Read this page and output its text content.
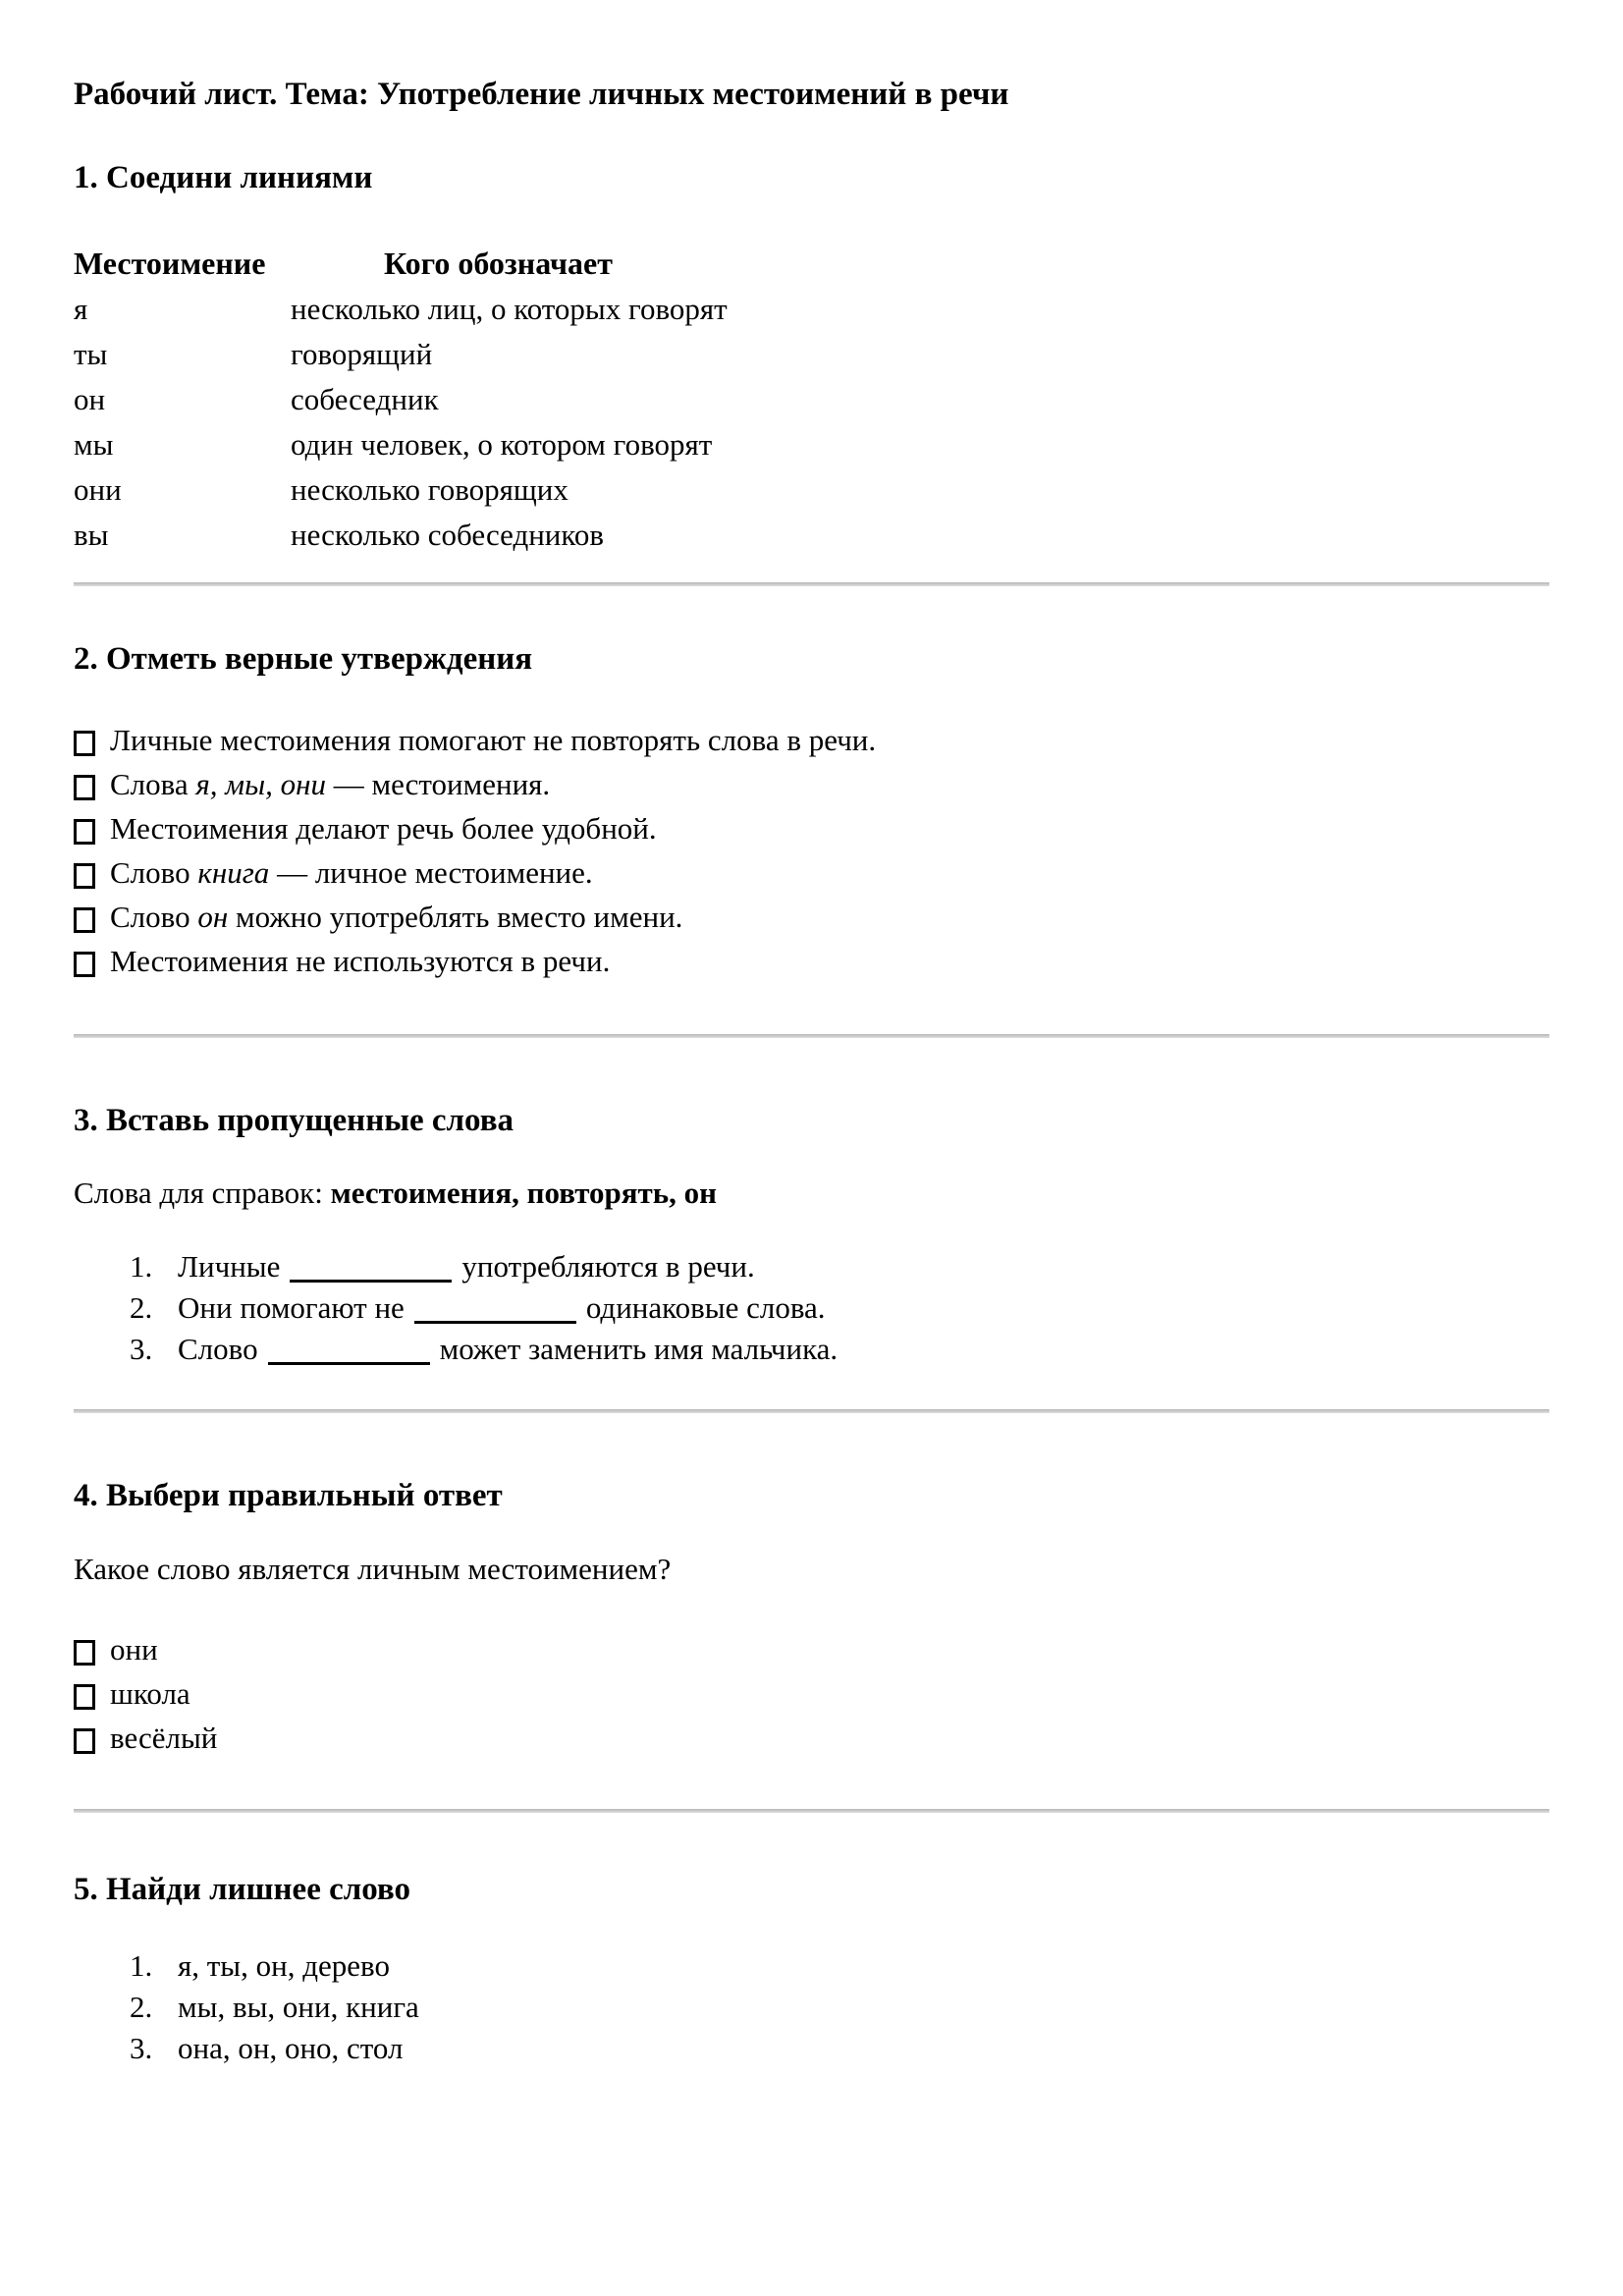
Рабочий лист. Тема: Употребление личных местоимений в речи
1. Соедини линиями
Местоимение	Кого обозначает
я	несколько лиц, о которых говорят
ты	говорящий
он	собеседник
мы	один человек, о котором говорят
они	несколько говорящих
вы	несколько собеседников
2. Отметь верные утверждения
Личные местоимения помогают не повторять слова в речи.
Слова я, мы, они — местоимения.
Местоимения делают речь более удобной.
Слово книга — личное местоимение.
Слово он можно употреблять вместо имени.
Местоимения не используются в речи.
3. Вставь пропущенные слова
Слова для справок: местоимения, повторять, он
1. Личные	употребляются в речи.
2. Они помогают не	одинаковые слова.
3. Слово	может заменить имя мальчика.
4. Выбери правильный ответ
Какое слово является личным местоимением?
они
школа
весёлый
5. Найди лишнее слово
1. я, ты, он, дерево
2. мы, вы, они, книга
3. она, он, оно, стол
